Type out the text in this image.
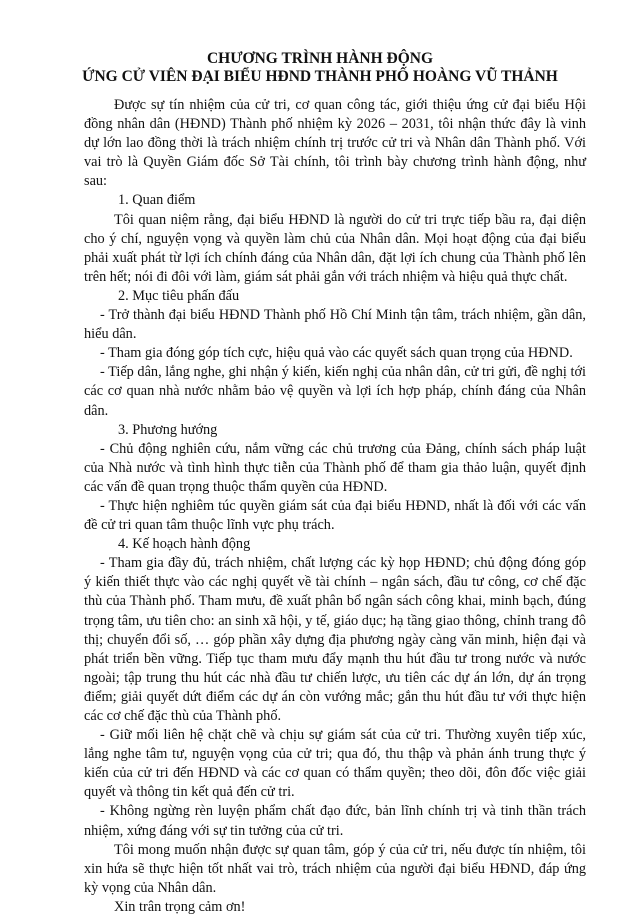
CHƯƠNG TRÌNH HÀNH ĐỘNG
ỨNG CỬ VIÊN ĐẠI BIỂU HĐND THÀNH PHỐ HOÀNG VŨ THẢNH

Được sự tín nhiệm của cử tri, cơ quan công tác, giới thiệu ứng cử đại biểu Hội đồng nhân dân (HĐND) Thành phố nhiệm kỳ 2026 – 2031, tôi nhận thức đây là vinh dự lớn lao đồng thời là trách nhiệm chính trị trước cử tri và Nhân dân Thành phố. Với vai trò là Quyền Giám đốc Sở Tài chính, tôi trình bày chương trình hành động, như sau:

1. Quan điểm

Tôi quan niệm rằng, đại biểu HĐND là người do cử tri trực tiếp bầu ra, đại diện cho ý chí, nguyện vọng và quyền làm chủ của Nhân dân. Mọi hoạt động của đại biểu phải xuất phát từ lợi ích chính đáng của Nhân dân, đặt lợi ích chung của Thành phố lên trên hết; nói đi đôi với làm, giám sát phải gắn với trách nhiệm và hiệu quả thực chất.

2. Mục tiêu phấn đấu

- Trở thành đại biểu HĐND Thành phố Hồ Chí Minh tận tâm, trách nhiệm, gần dân, hiểu dân.

- Tham gia đóng góp tích cực, hiệu quả vào các quyết sách quan trọng của HĐND.

- Tiếp dân, lắng nghe, ghi nhận ý kiến, kiến nghị của nhân dân, cử tri gửi, đề nghị tới các cơ quan nhà nước nhằm bảo vệ quyền và lợi ích hợp pháp, chính đáng của Nhân dân.

3. Phương hướng

- Chủ động nghiên cứu, nắm vững các chủ trương của Đảng, chính sách pháp luật của Nhà nước và tình hình thực tiễn của Thành phố để tham gia thảo luận, quyết định các vấn đề quan trọng thuộc thẩm quyền của HĐND.

- Thực hiện nghiêm túc quyền giám sát của đại biểu HĐND, nhất là đối với các vấn đề cử tri quan tâm thuộc lĩnh vực phụ trách.

4. Kế hoạch hành động

- Tham gia đầy đủ, trách nhiệm, chất lượng các kỳ họp HĐND; chủ động đóng góp ý kiến thiết thực vào các nghị quyết về tài chính – ngân sách, đầu tư công, cơ chế đặc thù của Thành phố. Tham mưu, đề xuất phân bổ ngân sách công khai, minh bạch, đúng trọng tâm, ưu tiên cho: an sinh xã hội, y tế, giáo dục; hạ tầng giao thông, chỉnh trang đô thị; chuyển đổi số, … góp phần xây dựng địa phương ngày càng văn minh, hiện đại và phát triển bền vững. Tiếp tục tham mưu đẩy mạnh thu hút đầu tư trong nước và nước ngoài; tập trung thu hút các nhà đầu tư chiến lược, ưu tiên các dự án lớn, dự án trọng điểm; giải quyết dứt điểm các dự án còn vướng mắc; gắn thu hút đầu tư với thực hiện các cơ chế đặc thù của Thành phố.

- Giữ mối liên hệ chặt chẽ và chịu sự giám sát của cử tri. Thường xuyên tiếp xúc, lắng nghe tâm tư, nguyện vọng của cử tri; qua đó, thu thập và phản ánh trung thực ý kiến của cử tri đến HĐND và các cơ quan có thẩm quyền; theo dõi, đôn đốc việc giải quyết và thông tin kết quả đến cử tri.

- Không ngừng rèn luyện phẩm chất đạo đức, bản lĩnh chính trị và tinh thần trách nhiệm, xứng đáng với sự tin tưởng của cử tri.

Tôi mong muốn nhận được sự quan tâm, góp ý của cử tri, nếu được tín nhiệm, tôi xin hứa sẽ thực hiện tốt nhất vai trò, trách nhiệm của người đại biểu HĐND, đáp ứng kỳ vọng của Nhân dân.

Xin trân trọng cảm ơn!
